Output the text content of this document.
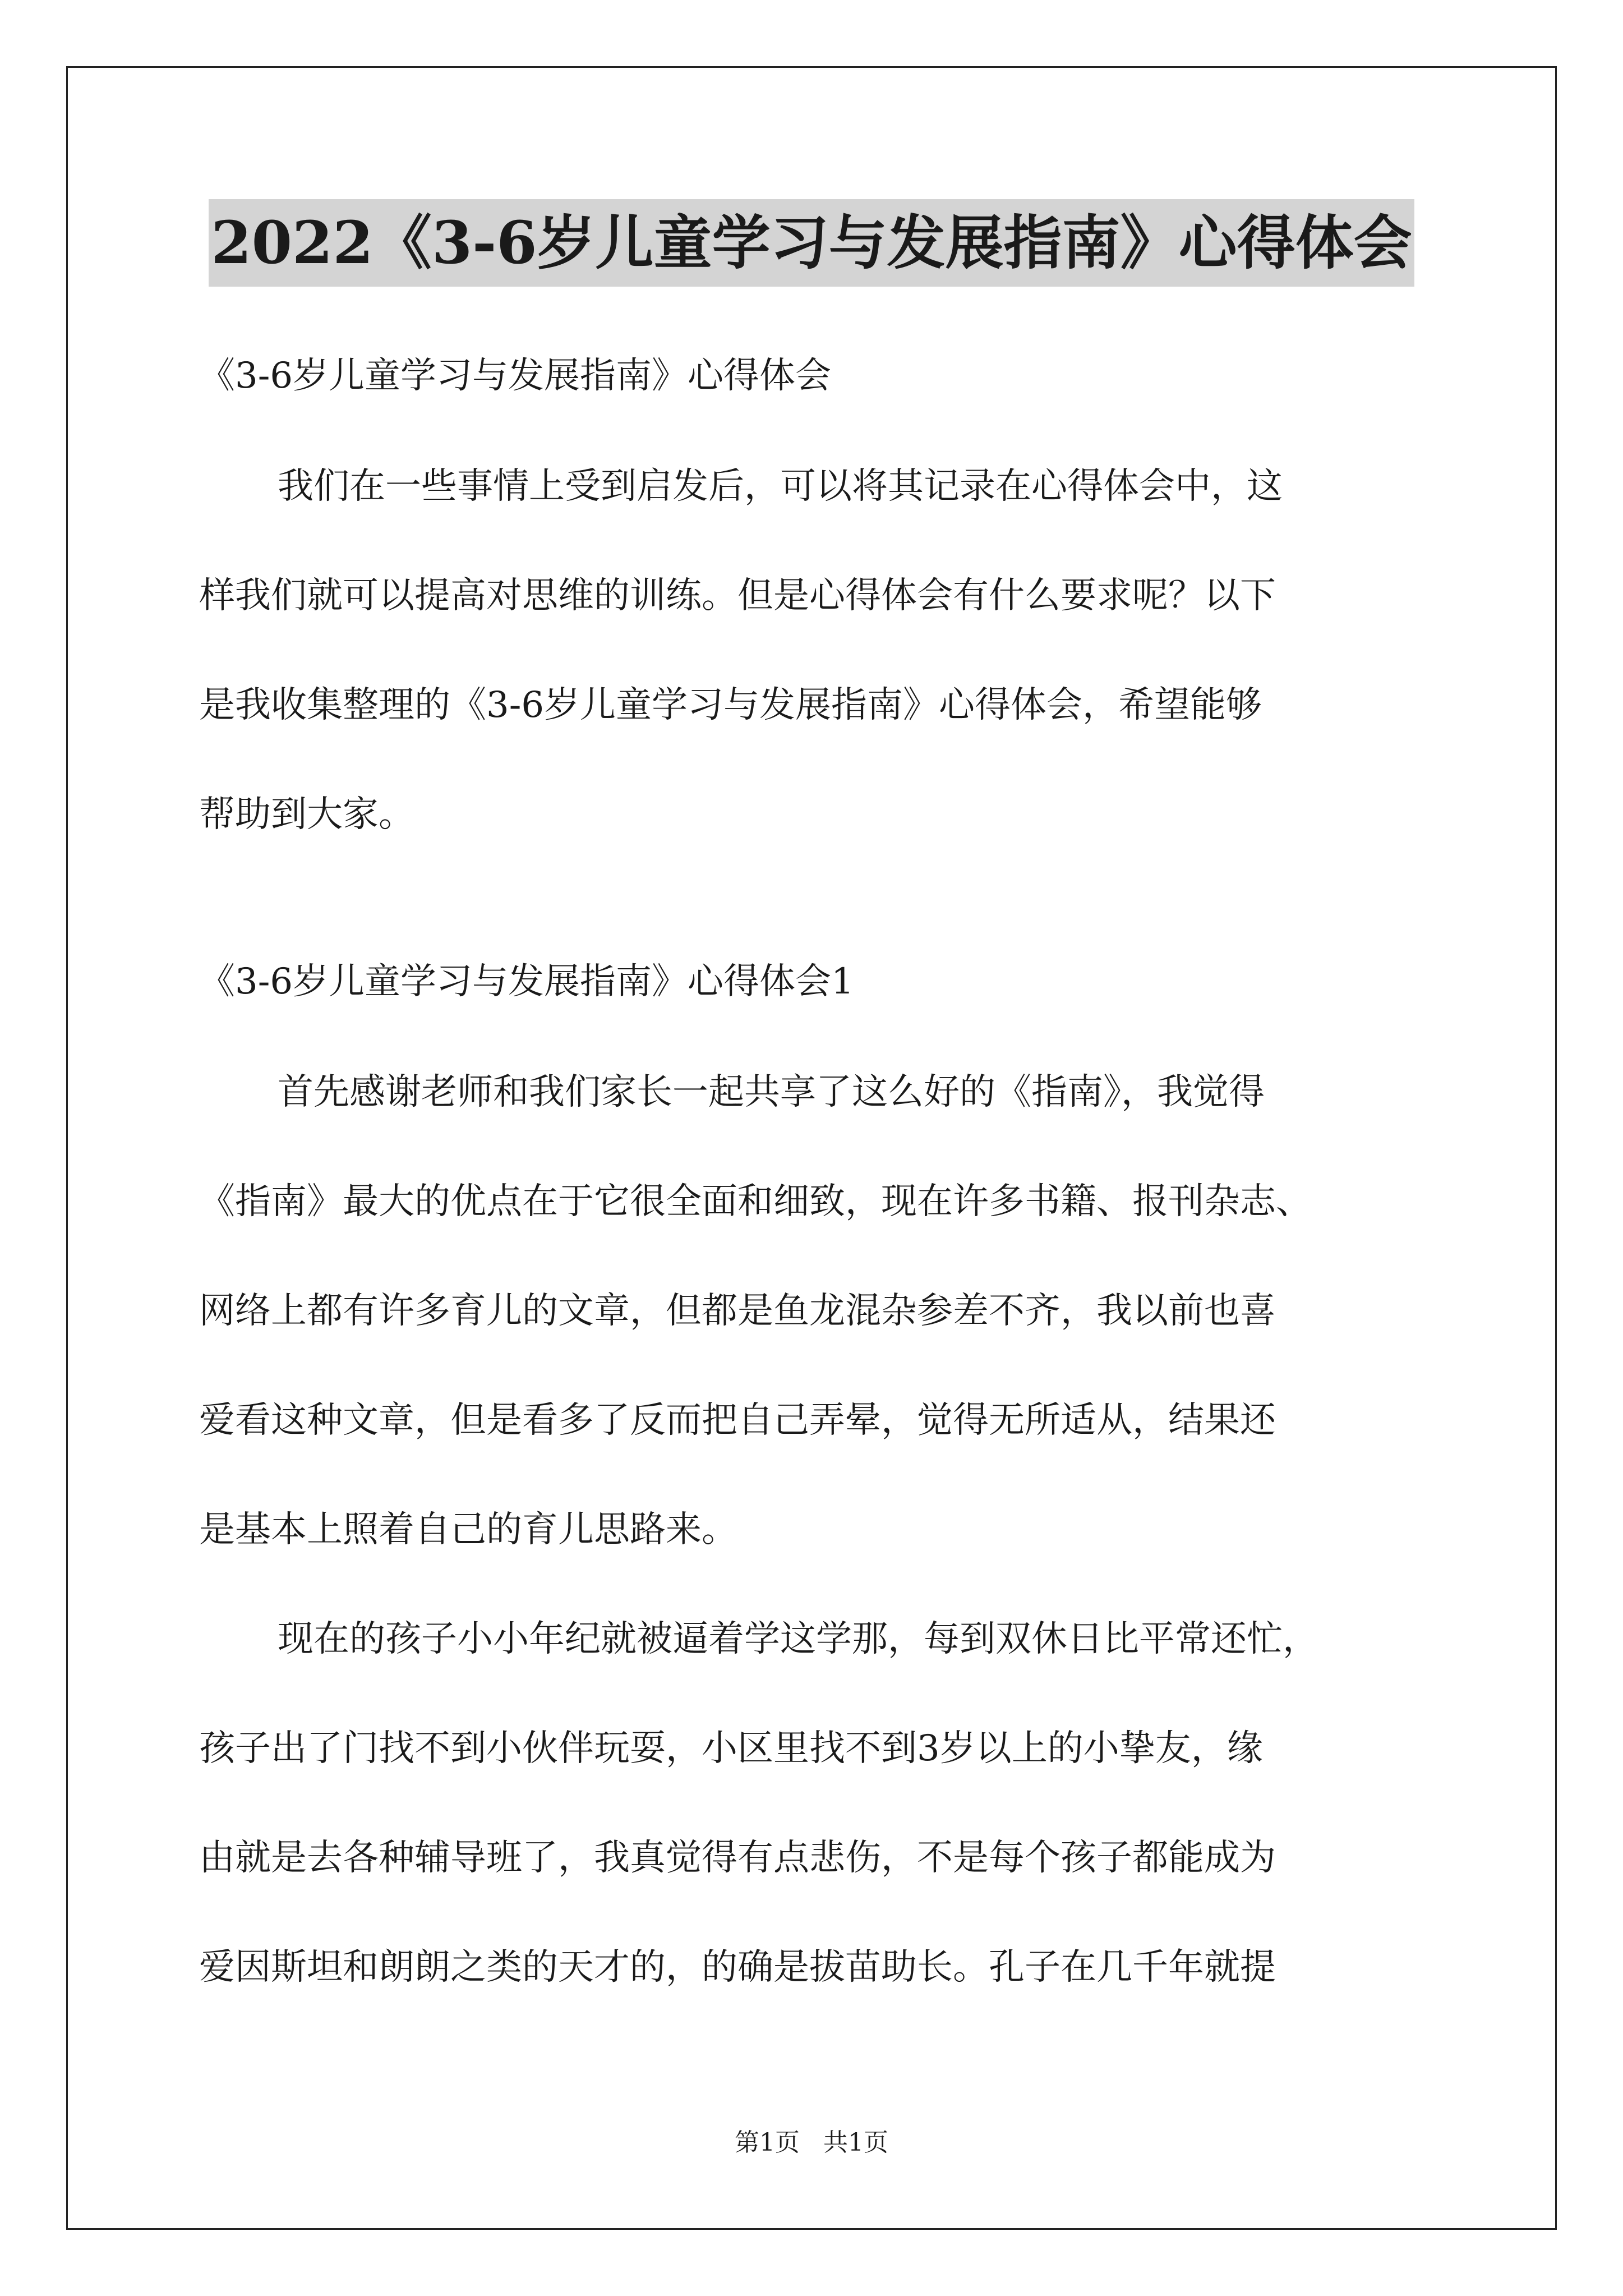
2022《3-6岁儿童学习与发展指南》心得体会

《3-6岁儿童学习与发展指南》心得体会

我们在一些事情上受到启发后，可以将其记录在心得体会中，这

样我们就可以提高对思维的训练。但是心得体会有什么要求呢？以下

是我收集整理的《3-6岁儿童学习与发展指南》心得体会，希望能够

帮助到大家。

《3-6岁儿童学习与发展指南》心得体会1

首先感谢老师和我们家长一起共享了这么好的《指南》，我觉得

《指南》最大的优点在于它很全面和细致，现在许多书籍、报刊杂志、

网络上都有许多育儿的文章，但都是鱼龙混杂参差不齐，我以前也喜

爱看这种文章，但是看多了反而把自己弄晕，觉得无所适从，结果还

是基本上照着自己的育儿思路来。

现在的孩子小小年纪就被逼着学这学那，每到双休日比平常还忙，

孩子出了门找不到小伙伴玩耍，小区里找不到3岁以上的小挚友，缘

由就是去各种辅导班了，我真觉得有点悲伤，不是每个孩子都能成为

爱因斯坦和朗朗之类的天才的，的确是拔苗助长。孔子在几千年就提

第1页 共1页
